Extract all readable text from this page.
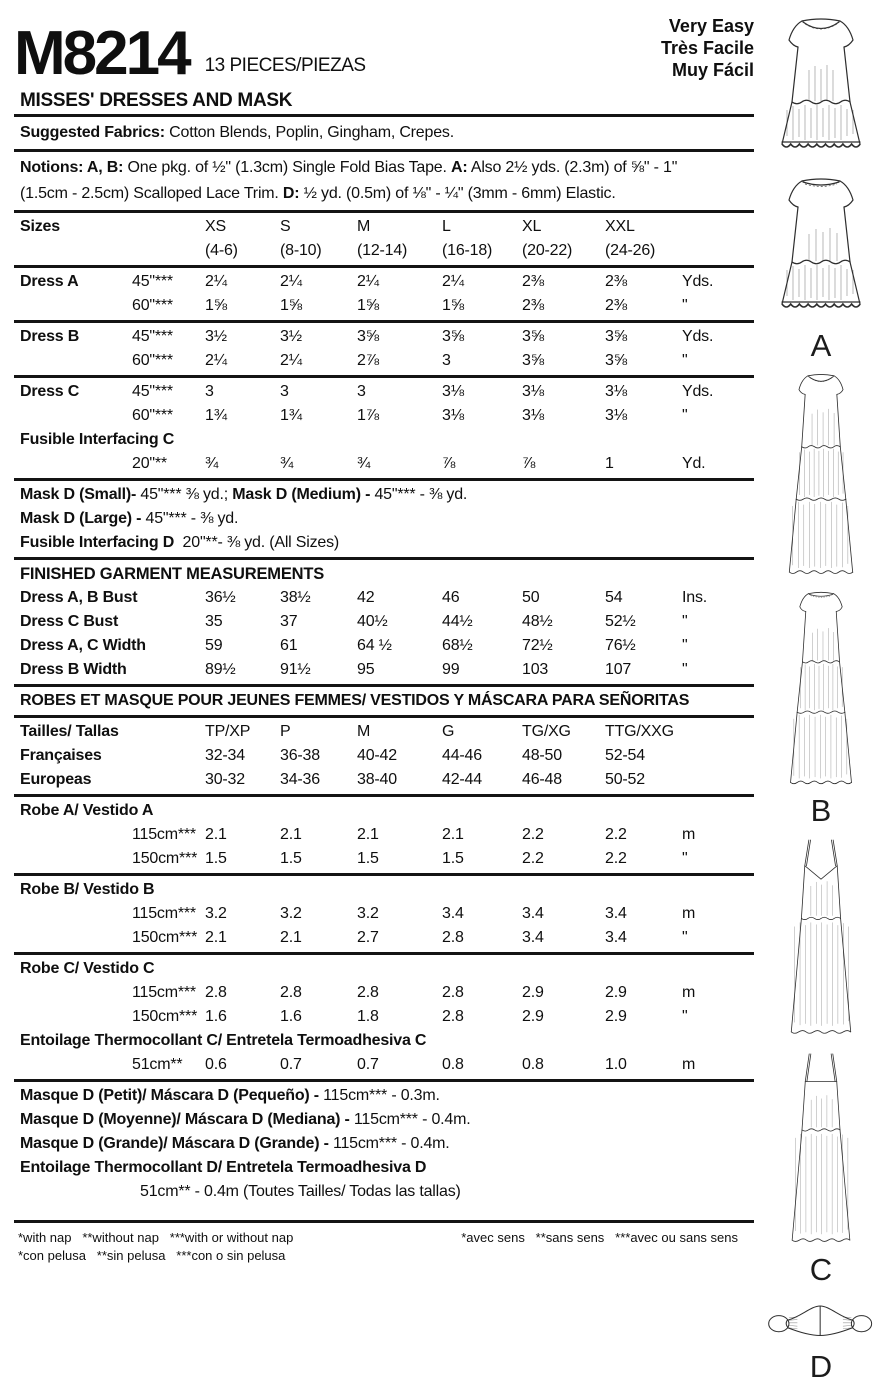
M8214 13 PIECES/PIEZAS
Very Easy
Très Facile
Muy Fácil
MISSES' DRESSES AND MASK
Suggested Fabrics: Cotton Blends, Poplin, Gingham, Crepes.
Notions: A, B: One pkg. of ½" (1.3cm) Single Fold Bias Tape. A: Also 2½ yds. (2.3m) of ⅝" - 1"
(1.5cm - 2.5cm) Scalloped Lace Trim. D: ½ yd. (0.5m) of ⅛" - ¼" (3mm - 6mm) Elastic.
Sizes	XS	S	M	L	XL	XXL
(4-6)	(8-10)	(12-14)	(16-18)	(20-22)	(24-26)
Dress A	45"***	2¼	2¼	2¼	2¼	2⅜	2⅜	Yds.
60"***	1⅝	1⅝	1⅝	1⅝	2⅜	2⅜	"
Dress B	45"***	3½	3½	3⅝	3⅝	3⅝	3⅝	Yds.
60"***	2¼	2¼	2⅞	3	3⅝	3⅝	"
Dress C	45"***	3	3	3	3⅛	3⅛	3⅛	Yds.
60"***	1¾	1¾	1⅞	3⅛	3⅛	3⅛	"
Fusible Interfacing C
20"**	¾	¾	¾	⅞	⅞	1	Yd.
Mask D (Small)- 45"*** ⅜ yd.; Mask D (Medium) - 45"*** - ⅜ yd.
Mask D (Large) - 45"*** - ⅜ yd.
Fusible Interfacing D 20"**- ⅜ yd. (All Sizes)
FINISHED GARMENT MEASUREMENTS
Dress A, B Bust	36½	38½	42	46	50	54	Ins.
Dress C Bust	35	37	40½	44½	48½	52½	"
Dress A, C Width	59	61	64 ½	68½	72½	76½	"
Dress B Width	89½	91½	95	99	103	107	"
ROBES ET MASQUE POUR JEUNES FEMMES/ VESTIDOS Y MÁSCARA PARA SEÑORITAS
Tailles/ Tallas	TP/XP	P	M	G	TG/XG	TTG/XXG
Françaises	32-34	36-38	40-42	44-46	48-50	52-54
Europeas	30-32	34-36	38-40	42-44	46-48	50-52
Robe A/ Vestido A
115cm*** 2.1	2.1	2.1	2.1	2.2	2.2	m
150cm*** 1.5	1.5	1.5	1.5	2.2	2.2	"
Robe B/ Vestido B
115cm*** 3.2	3.2	3.2	3.4	3.4	3.4	m
150cm*** 2.1	2.1	2.7	2.8	3.4	3.4	"
Robe C/ Vestido C
115cm*** 2.8	2.8	2.8	2.8	2.9	2.9	m
150cm*** 1.6	1.6	1.8	2.8	2.9	2.9	"
Entoilage Thermocollant C/ Entretela Termoadhesiva C
51cm**	0.6	0.7	0.7	0.8	0.8	1.0	m
Masque D (Petit)/ Máscara D (Pequeño) - 115cm*** - 0.3m.
Masque D (Moyenne)/ Máscara D (Mediana) - 115cm*** - 0.4m.
Masque D (Grande)/ Máscara D (Grande) - 115cm*** - 0.4m.
Entoilage Thermocollant D/ Entretela Termoadhesiva D
51cm** - 0.4m (Toutes Tailles/ Todas las tallas)
*with nap   **without nap   ***with or without nap	*avec sens   **sans sens   ***avec ou sans sens
*con pelusa   **sin pelusa   ***con o sin pelusa
A
B
C
D
